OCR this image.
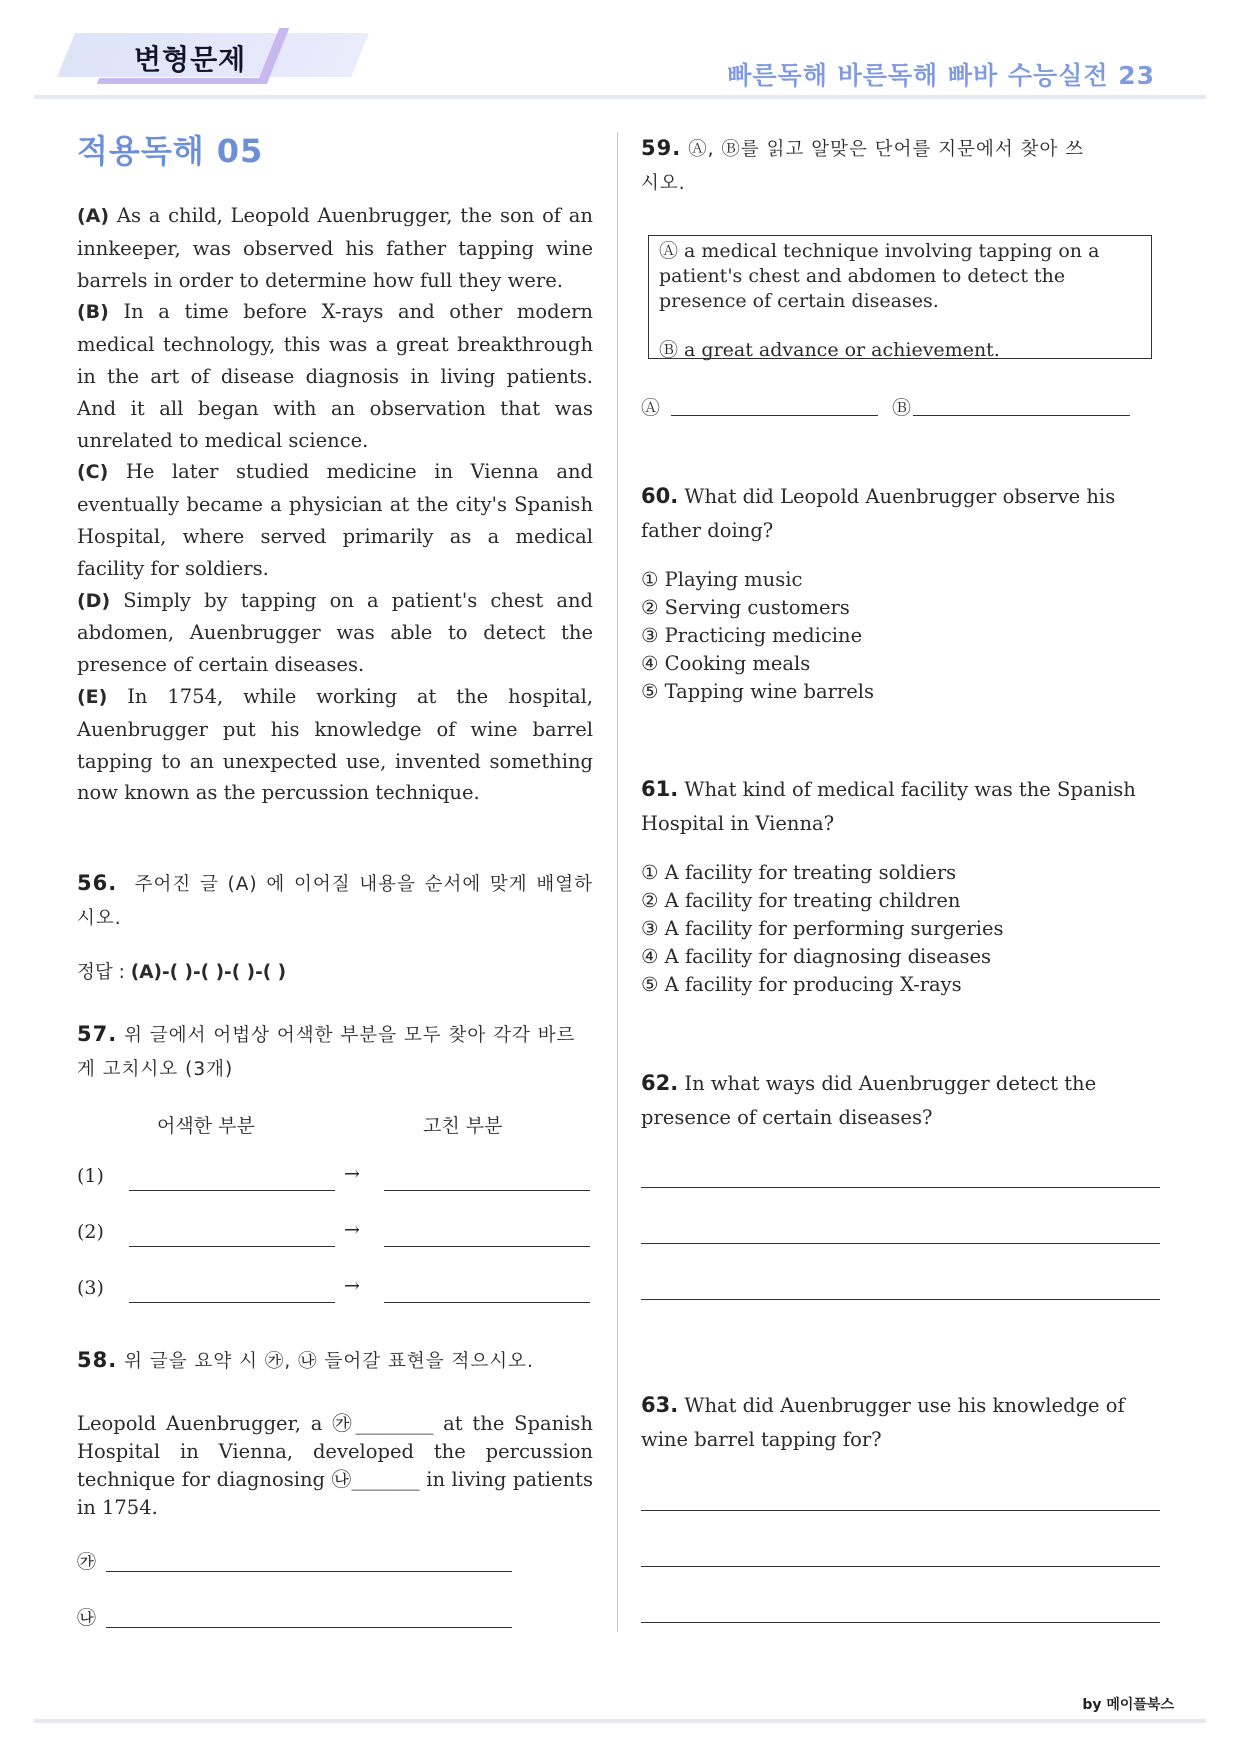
변형문제	빠른독해 바른독해 빠바 수능실전 23
적용독해 05

(A) As a child, Leopold Auenbrugger, the son of an innkeeper, was observed his father tapping wine barrels in order to determine how full they were.

(B) In a time before X-rays and other modern medical technology, this was a great breakthrough in the art of disease diagnosis in living patients. And it all began with an observation that was unrelated to medical science.

(C) He later studied medicine in Vienna and eventually became a physician at the city's Spanish Hospital, where served primarily as a medical facility for soldiers.

(D) Simply by tapping on a patient's chest and abdomen, Auenbrugger was able to detect the presence of certain diseases.

(E) In 1754, while working at the hospital, Auenbrugger put his knowledge of wine barrel tapping to an unexpected use, invented something now known as the percussion technique.

56. 주어진 글 (A) 에 이어질 내용을 순서에 맞게 배열하시오.
정답 : (A)-( )-( )-( )-( )
57. 위 글에서 어법상 어색한 부분을 모두 찾아 각각 바르게 고치시오 (3개)
어색한 부분	고친 부분
(1)	→
(2)	→
(3)	→
58. 위 글을 요약 시 ㉮, ㉯ 들어갈 표현을 적으시오.
Leopold Auenbrugger, a ㉮________ at the Spanish Hospital in Vienna, developed the percussion technique for diagnosing ㉯_______ in living patients in 1754.
㉮
㉯
59. Ⓐ, Ⓑ를 읽고 알맞은 단어를 지문에서 찾아 쓰시오.
Ⓐ a medical technique involving tapping on a patient's chest and abdomen to detect the presence of certain diseases.
Ⓑ a great advance or achievement.
Ⓐ	Ⓑ
60. What did Leopold Auenbrugger observe his father doing?
① Playing music
② Serving customers
③ Practicing medicine
④ Cooking meals
⑤ Tapping wine barrels
61. What kind of medical facility was the Spanish Hospital in Vienna?
① A facility for treating soldiers
② A facility for treating children
③ A facility for performing surgeries
④ A facility for diagnosing diseases
⑤ A facility for producing X-rays
62. In what ways did Auenbrugger detect the presence of certain diseases?
63. What did Auenbrugger use his knowledge of wine barrel tapping for?
by 메이플북스
